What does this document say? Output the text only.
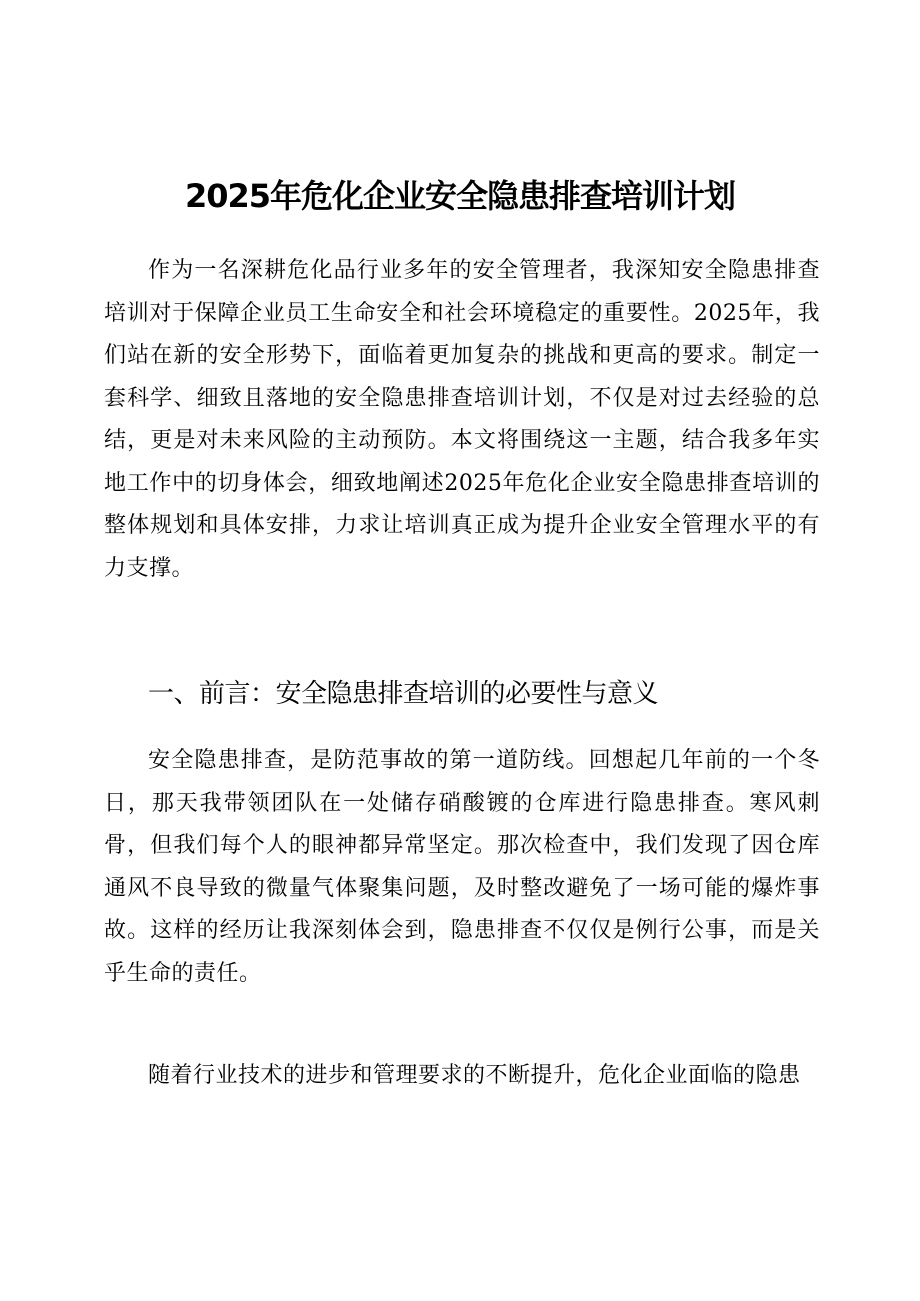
2025年危化企业安全隐患排查培训计划

作为一名深耕危化品行业多年的安全管理者，我深知安全隐患排查培训对于保障企业员工生命安全和社会环境稳定的重要性。2025年，我们站在新的安全形势下，面临着更加复杂的挑战和更高的要求。制定一套科学、细致且落地的安全隐患排查培训计划，不仅是对过去经验的总结，更是对未来风险的主动预防。本文将围绕这一主题，结合我多年实地工作中的切身体会，细致地阐述2025年危化企业安全隐患排查培训的整体规划和具体安排，力求让培训真正成为提升企业安全管理水平的有力支撑。

一、前言：安全隐患排查培训的必要性与意义

安全隐患排查，是防范事故的第一道防线。回想起几年前的一个冬日，那天我带领团队在一处储存硝酸镀的仓库进行隐患排查。寒风刺骨，但我们每个人的眼神都异常坚定。那次检查中，我们发现了因仓库通风不良导致的微量气体聚集问题，及时整改避免了一场可能的爆炸事故。这样的经历让我深刻体会到，隐患排查不仅仅是例行公事，而是关乎生命的责任。

随着行业技术的进步和管理要求的不断提升，危化企业面临的隐患
